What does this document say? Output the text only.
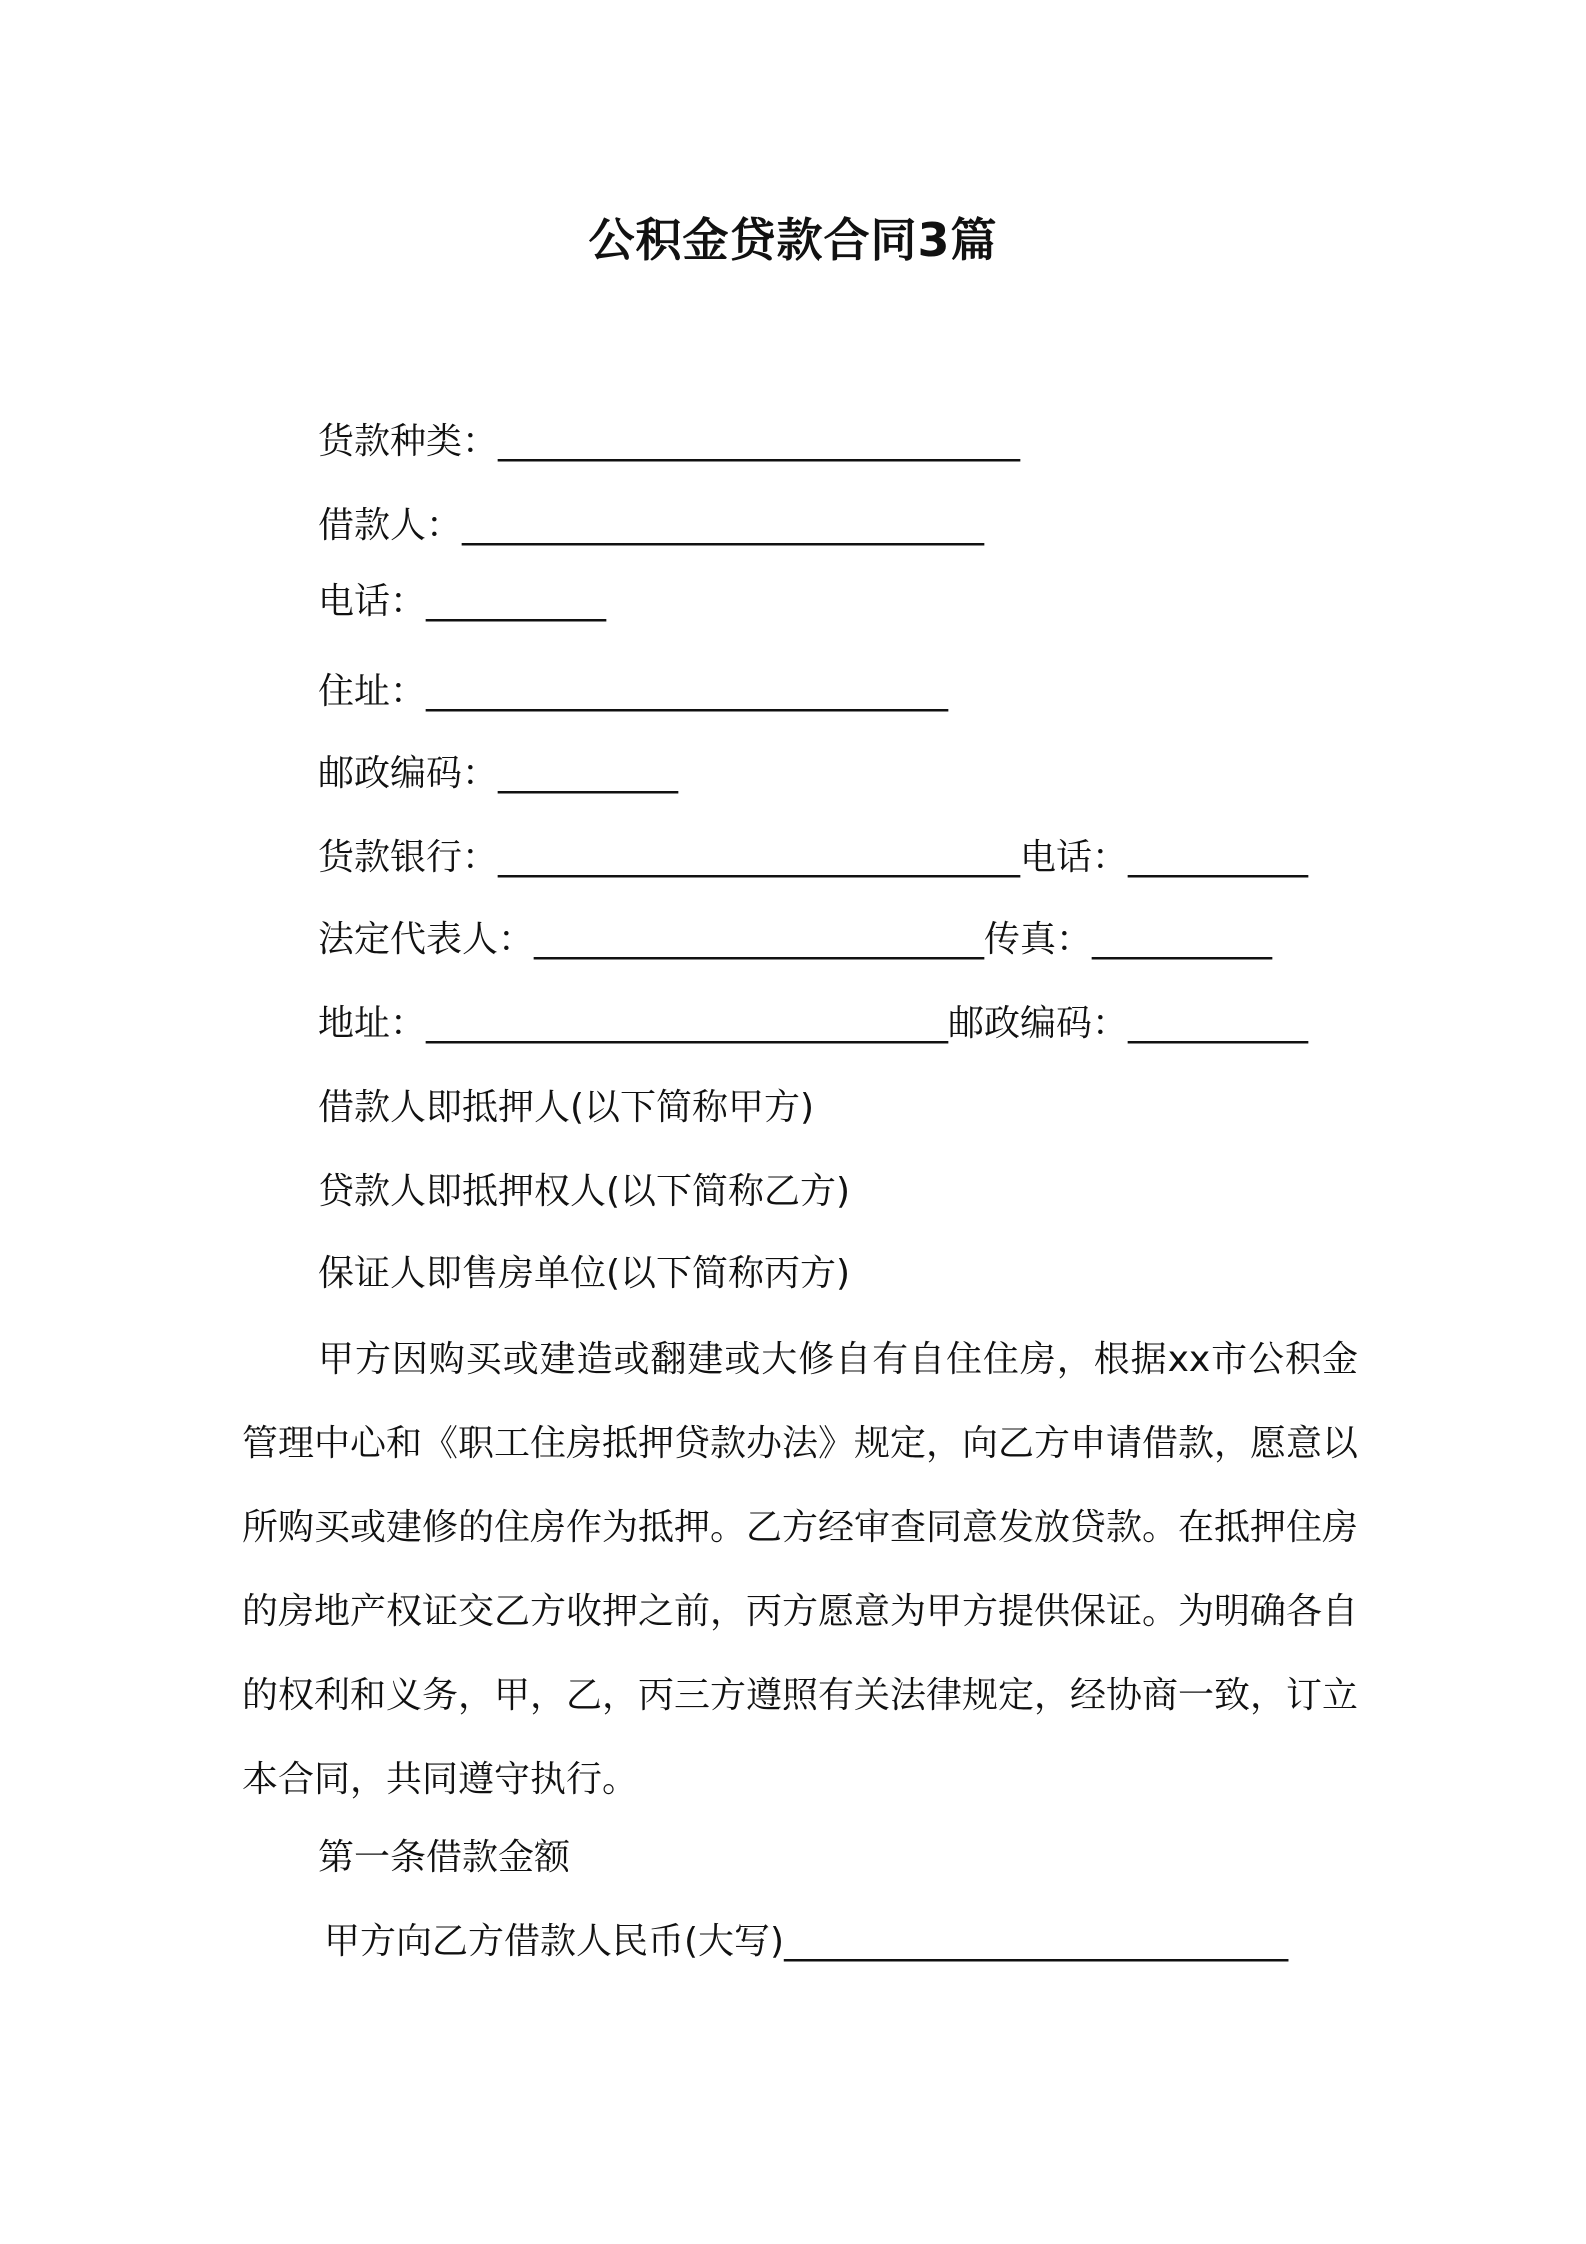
公积金贷款合同3篇
货款种类：_____________________________
借款人：_____________________________
电话：__________
住址：_____________________________
邮政编码：__________
货款银行：_____________________________电话：__________
法定代表人：_________________________传真：__________
地址：_____________________________邮政编码：__________
借款人即抵押人(以下简称甲方)
贷款人即抵押权人(以下简称乙方)
保证人即售房单位(以下简称丙方)

甲方因购买或建造或翻建或大修自有自住住房，根据xx市公积金管理中心和《职工住房抵押贷款办法》规定，向乙方申请借款，愿意以所购买或建修的住房作为抵押。乙方经审查同意发放贷款。在抵押住房的房地产权证交乙方收押之前，丙方愿意为甲方提供保证。为明确各自的权利和义务，甲，乙，丙三方遵照有关法律规定，经协商一致，订立本合同，共同遵守执行。

第一条借款金额
甲方向乙方借款人民币(大写)____________________________
